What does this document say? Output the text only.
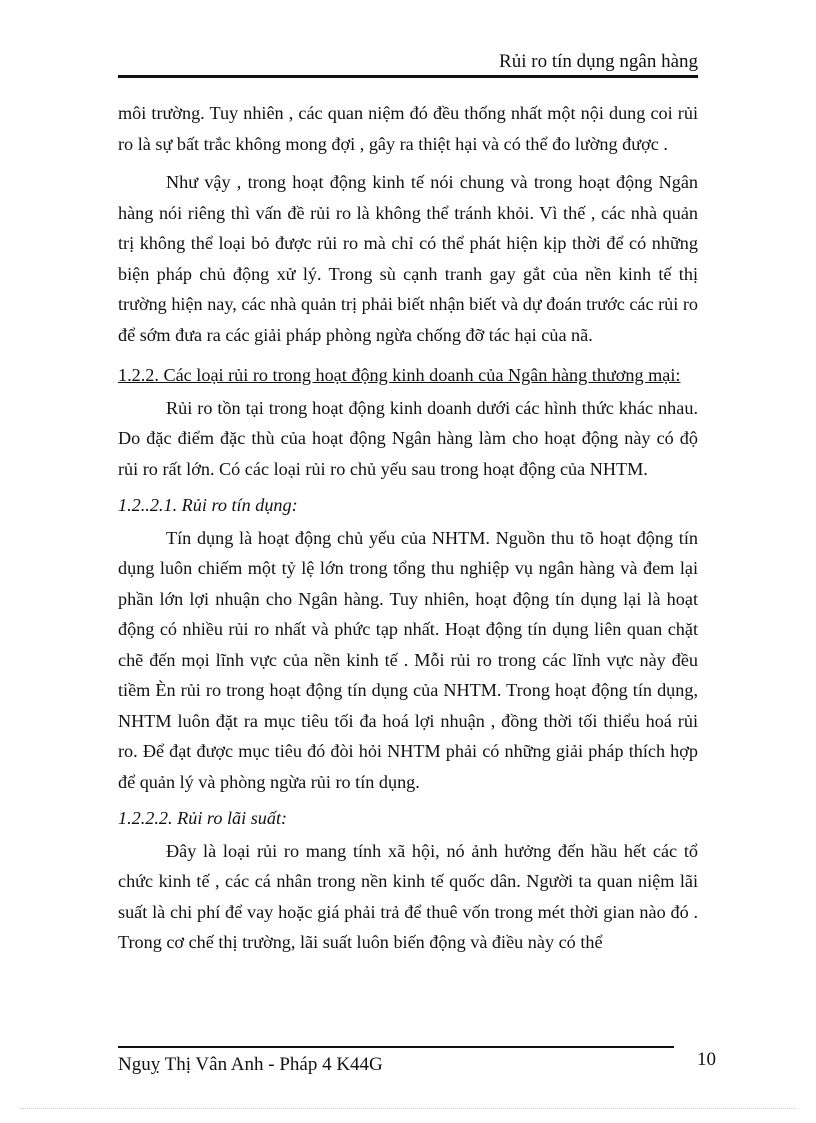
Rủi ro tín dụng ngân hàng

môi trường. Tuy nhiên , các quan niệm đó đều thống nhất một nội dung coi rủi ro là sự bất trắc không mong đợi , gây ra thiệt hại và có thể đo lường được .

Như vậy , trong hoạt động kinh tế nói chung và trong hoạt động Ngân hàng nói riêng thì vấn đề rủi ro là không thể tránh khỏi. Vì thế , các nhà quản trị không thể loại bỏ được rủi ro mà chỉ có thể phát hiện kịp thời để có những biện pháp chủ động xử lý. Trong sù cạnh tranh gay gắt của nền kinh tế thị trường hiện nay, các nhà quản trị phải biết nhận biết và dự đoán trước các rủi ro để sớm đưa ra các giải pháp phòng ngừa chống đỡ tác hại của nã.

1.2.2. Các loại rủi ro trong hoạt động kinh doanh của Ngân hàng thương mại:

Rủi ro tồn tại trong hoạt động kinh doanh dưới các hình thức khác nhau. Do đặc điểm đặc thù của hoạt động Ngân hàng làm cho hoạt động này có độ rủi ro rất lớn. Có các loại rủi ro chủ yếu sau trong hoạt động của NHTM.

1.2..2.1. Rủi ro tín dụng:

Tín dụng là hoạt động chủ yếu của NHTM. Nguồn thu tõ hoạt động tín dụng luôn chiếm một tỷ lệ lớn trong tổng thu nghiệp vụ ngân hàng và đem lại phần lớn lợi nhuận cho Ngân hàng. Tuy nhiên, hoạt động tín dụng lại là hoạt động có nhiều rủi ro nhất và phức tạp nhất. Hoạt động tín dụng liên quan chặt chẽ đến mọi lĩnh vực của nền kinh tế . Mỗi rủi ro trong các lĩnh vực này đều tiềm Èn rủi ro trong hoạt động tín dụng của NHTM. Trong hoạt động tín dụng, NHTM luôn đặt ra mục tiêu tối đa hoá lợi nhuận , đồng thời tối thiểu hoá rủi ro. Để đạt được mục tiêu đó đòi hỏi NHTM phải có những giải pháp thích hợp để quản lý và phòng ngừa rủi ro tín dụng.

1.2.2.2. Rủi ro lãi suất:

Đây là loại rủi ro mang tính xã hội, nó ảnh hưởng đến hầu hết các tổ chức kinh tế , các cá nhân trong nền kinh tế quốc dân. Người ta quan niệm lãi suất là chi phí để vay hoặc giá phải trả để thuê vốn trong mét thời gian nào đó . Trong cơ chế thị trường, lãi suất luôn biến động và điều này có thể

Nguỵ Thị Vân Anh - Pháp 4 K44G	10
